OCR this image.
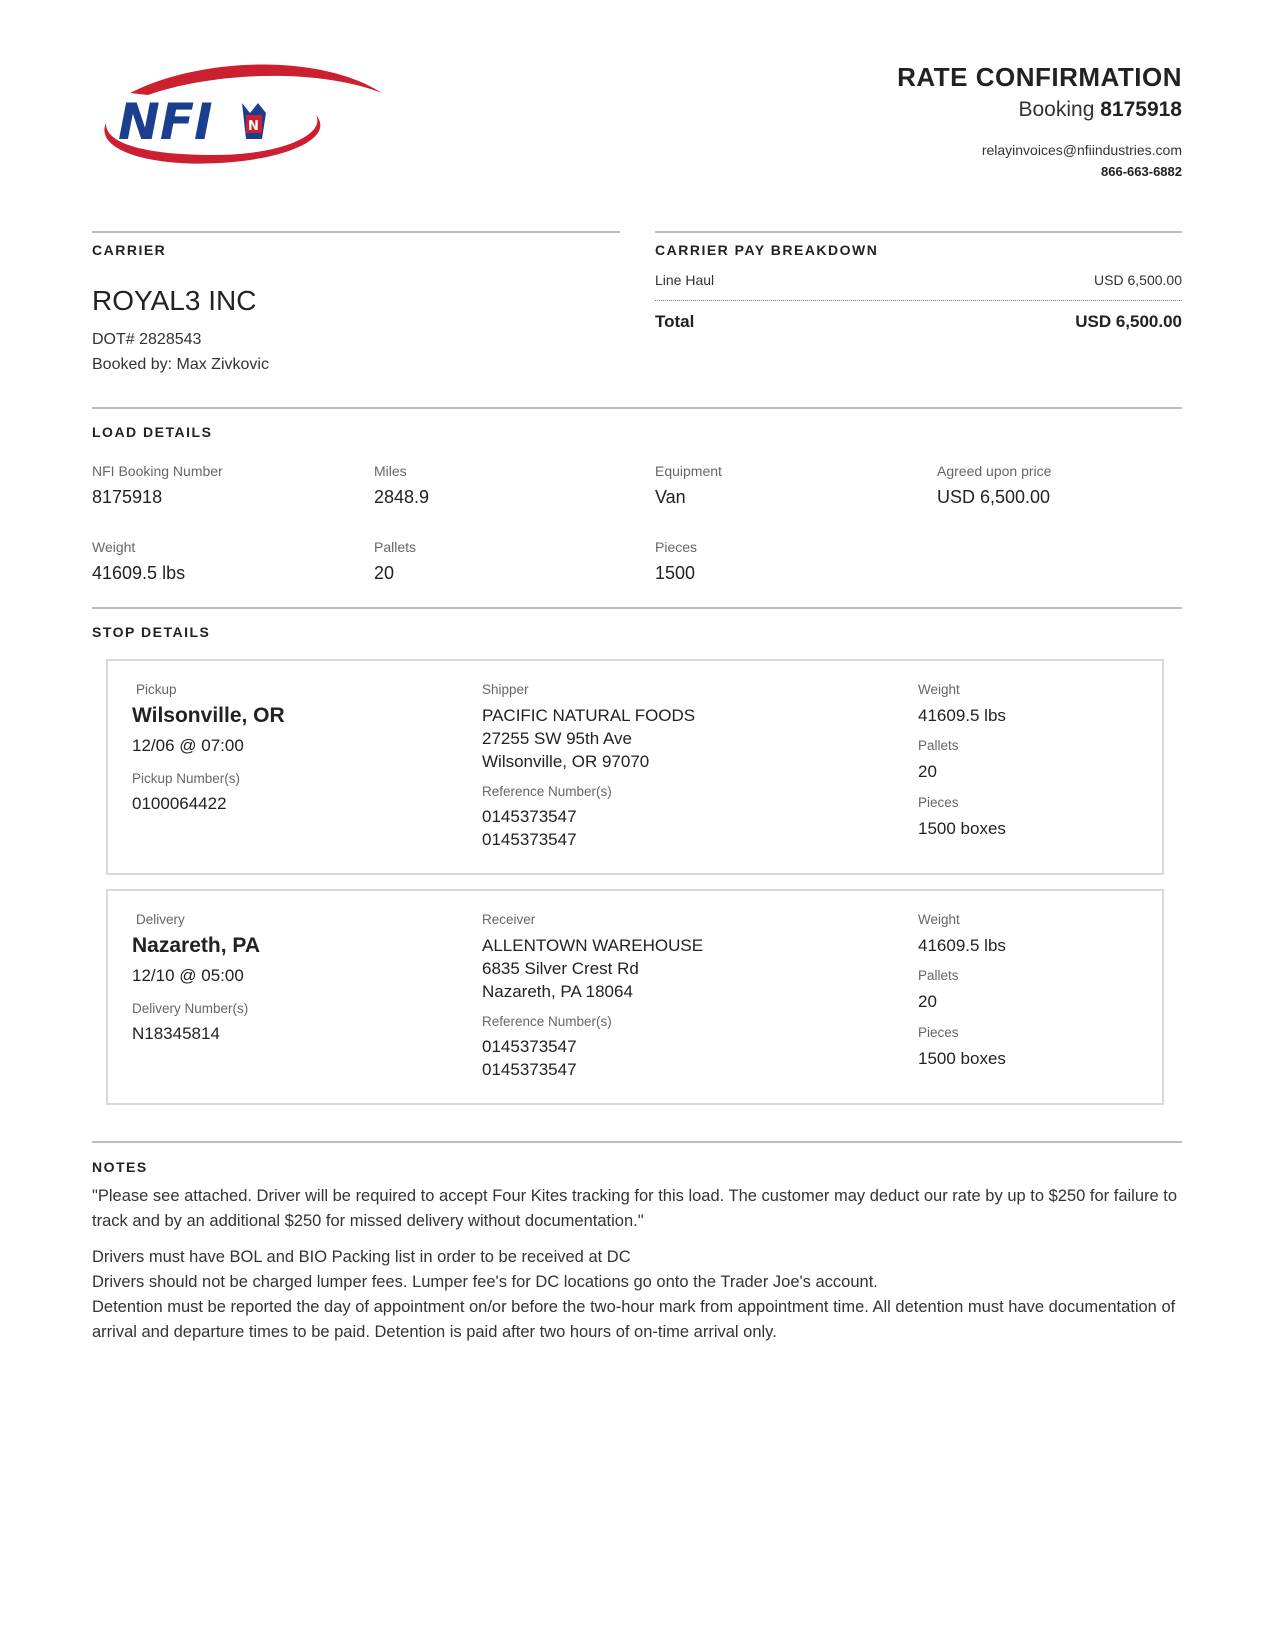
NFI	N
RATE CONFIRMATION
Booking 8175918
relayinvoices@nfiindustries.com
866-663-6882
CARRIER
ROYAL3 INC
DOT# 2828543
Booked by: Max Zivkovic
CARRIER PAY BREAKDOWN
Line Haul	USD 6,500.00
Total	USD 6,500.00
LOAD DETAILS
NFI Booking Number
8175918
Miles
2848.9
Equipment
Van
Agreed upon price
USD 6,500.00
Weight
41609.5 lbs
Pallets
20
Pieces
1500
STOP DETAILS
Pickup
Wilsonville, OR
12/06 @ 07:00
Pickup Number(s)
0100064422
Shipper
PACIFIC NATURAL FOODS
27255 SW 95th Ave
Wilsonville, OR 97070
Reference Number(s)
0145373547
0145373547
Weight
41609.5 lbs
Pallets
20
Pieces
1500 boxes
Delivery
Nazareth, PA
12/10 @ 05:00
Delivery Number(s)
N18345814
Receiver
ALLENTOWN WAREHOUSE
6835 Silver Crest Rd
Nazareth, PA 18064
Reference Number(s)
0145373547
0145373547
Weight
41609.5 lbs
Pallets
20
Pieces
1500 boxes
NOTES

"Please see attached. Driver will be required to accept Four Kites tracking for this load. The customer may deduct our rate by up to $250 for failure to track and by an additional $250 for missed delivery without documentation."

Drivers must have BOL and BIO Packing list in order to be received at DC

Drivers should not be charged lumper fees. Lumper fee's for DC locations go onto the Trader Joe's account.

Detention must be reported the day of appointment on/or before the two-hour mark from appointment time. All detention must have documentation of arrival and departure times to be paid. Detention is paid after two hours of on-time arrival only.
